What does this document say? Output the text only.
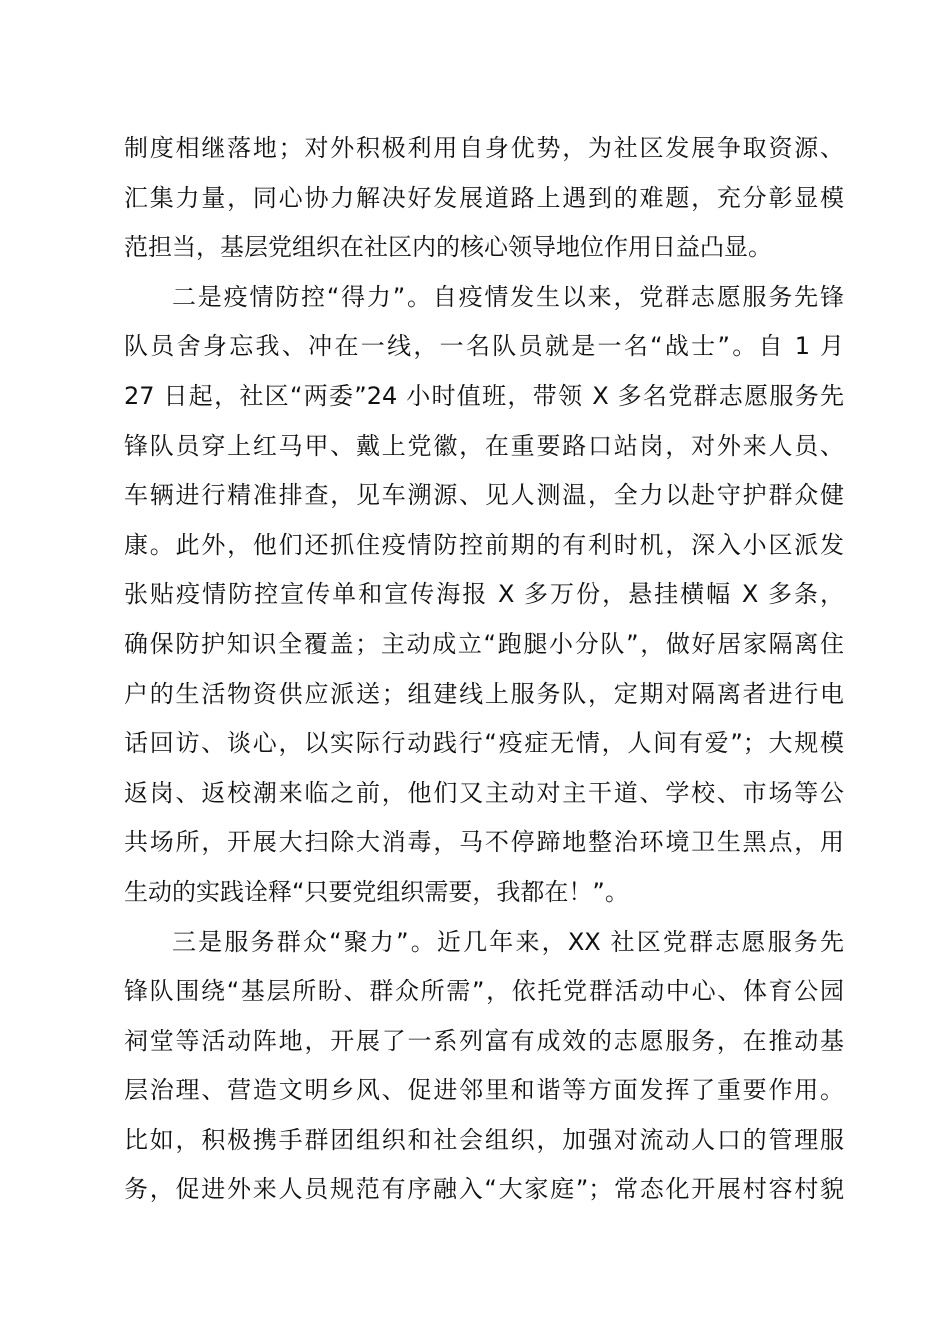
制度相继落地；对外积极利用自身优势，为社区发展争取资源、
汇集力量，同心协力解决好发展道路上遇到的难题，充分彰显模
范担当，基层党组织在社区内的核心领导地位作用日益凸显。
二是疫情防控“得力”。自疫情发生以来，党群志愿服务先锋
队员舍身忘我、冲在一线，一名队员就是一名“战士”。自 1 月
27 日起，社区“两委”24 小时值班，带领 X 多名党群志愿服务先
锋队员穿上红马甲、戴上党徽，在重要路口站岗，对外来人员、
车辆进行精准排查，见车溯源、见人测温，全力以赴守护群众健
康。此外，他们还抓住疫情防控前期的有利时机，深入小区派发
张贴疫情防控宣传单和宣传海报 X 多万份，悬挂横幅 X 多条，
确保防护知识全覆盖；主动成立“跑腿小分队”，做好居家隔离住
户的生活物资供应派送；组建线上服务队，定期对隔离者进行电
话回访、谈心，以实际行动践行“疫症无情，人间有爱”；大规模
返岗、返校潮来临之前，他们又主动对主干道、学校、市场等公
共场所，开展大扫除大消毒，马不停蹄地整治环境卫生黑点，用
生动的实践诠释“只要党组织需要，我都在！”。
三是服务群众“聚力”。近几年来，XX 社区党群志愿服务先
锋队围绕“基层所盼、群众所需”，依托党群活动中心、体育公园
祠堂等活动阵地，开展了一系列富有成效的志愿服务，在推动基
层治理、营造文明乡风、促进邻里和谐等方面发挥了重要作用。
比如，积极携手群团组织和社会组织，加强对流动人口的管理服
务，促进外来人员规范有序融入“大家庭”；常态化开展村容村貌
